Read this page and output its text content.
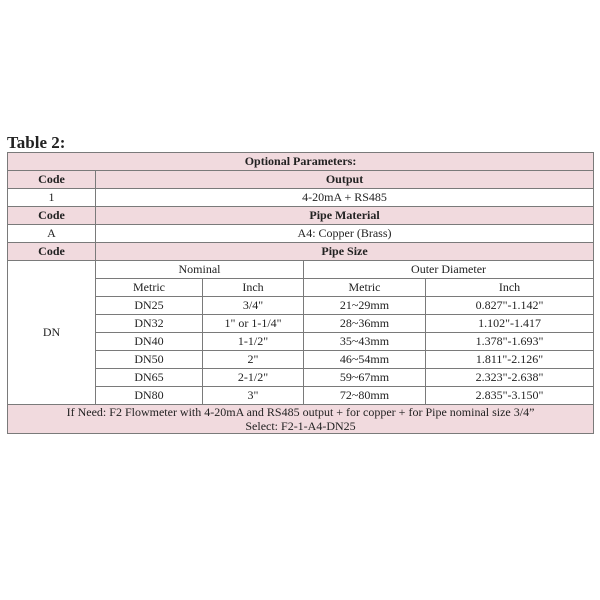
Table 2:
Optional Parameters:				
Code	Output			
1	4-20mA + RS485			
Code	Pipe Material			
A	A4: Copper (Brass)			
Code	Pipe Size			
DN	Nominal		Outer Diameter	
	Metric	Inch	Metric	Inch
	DN25	3/4"	21~29mm	0.827"-1.142"
	DN32	1" or 1-1/4"	28~36mm	1.102"-1.417
	DN40	1-1/2"	35~43mm	1.378"-1.693"
	DN50	2"	46~54mm	1.811"-2.126"
	DN65	2-1/2"	59~67mm	2.323"-2.638"
	DN80	3"	72~80mm	2.835"-3.150"

If Need: F2 Flowmeter with 4-20mA and RS485 output + for copper + for Pipe nominal size 3/4”
Select: F2-1-A4-DN25				
